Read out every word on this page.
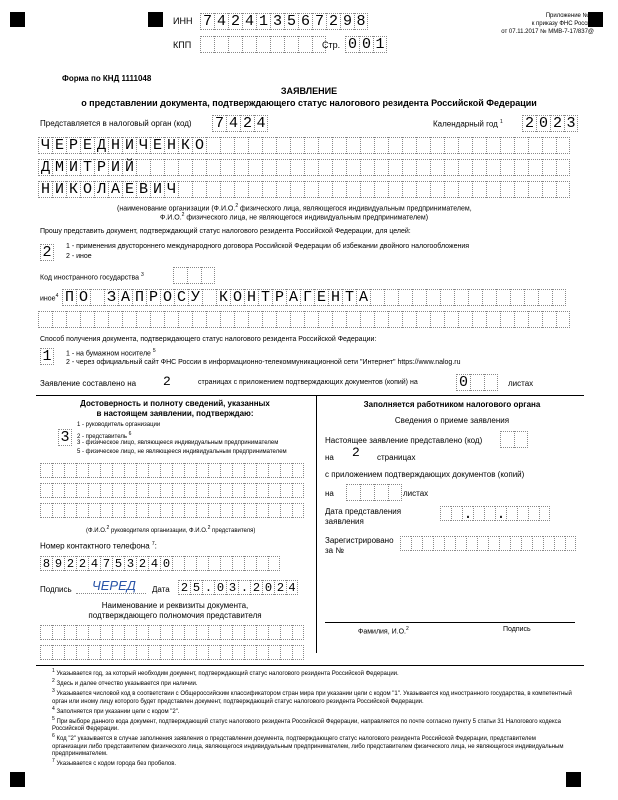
ИНН 7 4 2 4 1 3 5 6 7 2 9 8
КПП	Стр. 0 0 1
Приложение № 1
к приказу ФНС России
от 07.11.2017 № ММВ-7-17/837@
Форма по КНД 1111048
ЗАЯВЛЕНИЕ
о представлении документа, подтверждающего статус налогового резидента Российской Федерации
Представляется в налоговый орган (код) 7 4 2 4	Календарный год $^1$ 2 0 2 3
Ч Е Р Е Д Н И Ч Е Н К О
Д М И Т Р И Й
Н И К О Л А Е В И Ч
(наименование организации (Ф.И.О.$^2$ физического лица, являющегося индивидуальным предпринимателем,
Ф.И.О.$^2$ физического лица, не являющегося индивидуальным предпринимателем)
Прошу представить документ, подтверждающий статус налогового резидента Российской Федерации, для целей:
2	1 - применения двустороннего международного договора Российской Федерации об избежании двойного налогообложения
2 - иное
Код иностранного государства $^3$
иное$^4$ П О З А П Р О С У К О Н Т Р А Г Е Н Т А
Способ получения документа, подтверждающего статус налогового резидента Российской Федерации:
1	1 - на бумажном носителе $^5$
2 - через официальный сайт ФНС России в информационно-телекоммуникационной сети "Интернет" https://www.nalog.ru
Заявление составлено на 2	страницах с приложением подтверждающих документов (копий) на	0	листах
Достоверность и полноту сведений, указанных
в настоящем заявлении, подтверждаю:
3
1 - руководитель организации
2 - представитель $^6$
3 - физическое лицо, являющееся индивидуальным предпринимателем
5 - физическое лицо, не являющееся индивидуальным предпринимателем
(Ф.И.О.$^2$ руководителя организации, Ф.И.О.$^2$ представителя)
Номер контактного телефона $^7$:
8 9 2 2 4 7 5 3 2 4 0
Подпись ЧЕРЕД Дата 2 5 . 0 3 . 2 0 2 4
Наименование и реквизиты документа,
подтверждающего полномочия представителя
Заполняется работником налогового органа
Сведения о приеме заявления
Настоящее заявление представлено (код)
на 2 страницах
с приложением подтверждающих документов (копий)
на	листах
Дата представления
заявления	. .
Зарегистрировано
за №
Фамилия, И.О.$^2$	Подпись
$^1$ Указывается год, за который необходим документ, подтверждающий статус налогового резидента Российской Федерации.
$^2$ Здесь и далее отчество указывается при наличии.
$^3$ Указывается числовой код в соответствии с Общероссийским классификатором стран мира при указании цели с кодом "1". Указывается код иностранного государства, в компетентный орган или иному лицу которого будет представлен документ, подтверждающий статус налогового резидента Российской Федерации.
$^4$ Заполняется при указании цели с кодом "2".
$^5$ При выборе данного кода документ, подтверждающий статус налогового резидента Российской Федерации, направляется по почте согласно пункту 5 статьи 31 Налогового кодекса Российской Федерации.
$^6$ Код "2" указывается в случае заполнения заявления о представлении документа, подтверждающего статус налогового резидента Российской Федерации, представителем организации либо представителем физического лица, являющегося индивидуальным предпринимателем, либо представителем физического лица, не являющегося индивидуальным предпринимателем.
$^7$ Указывается с кодом города без пробелов.
